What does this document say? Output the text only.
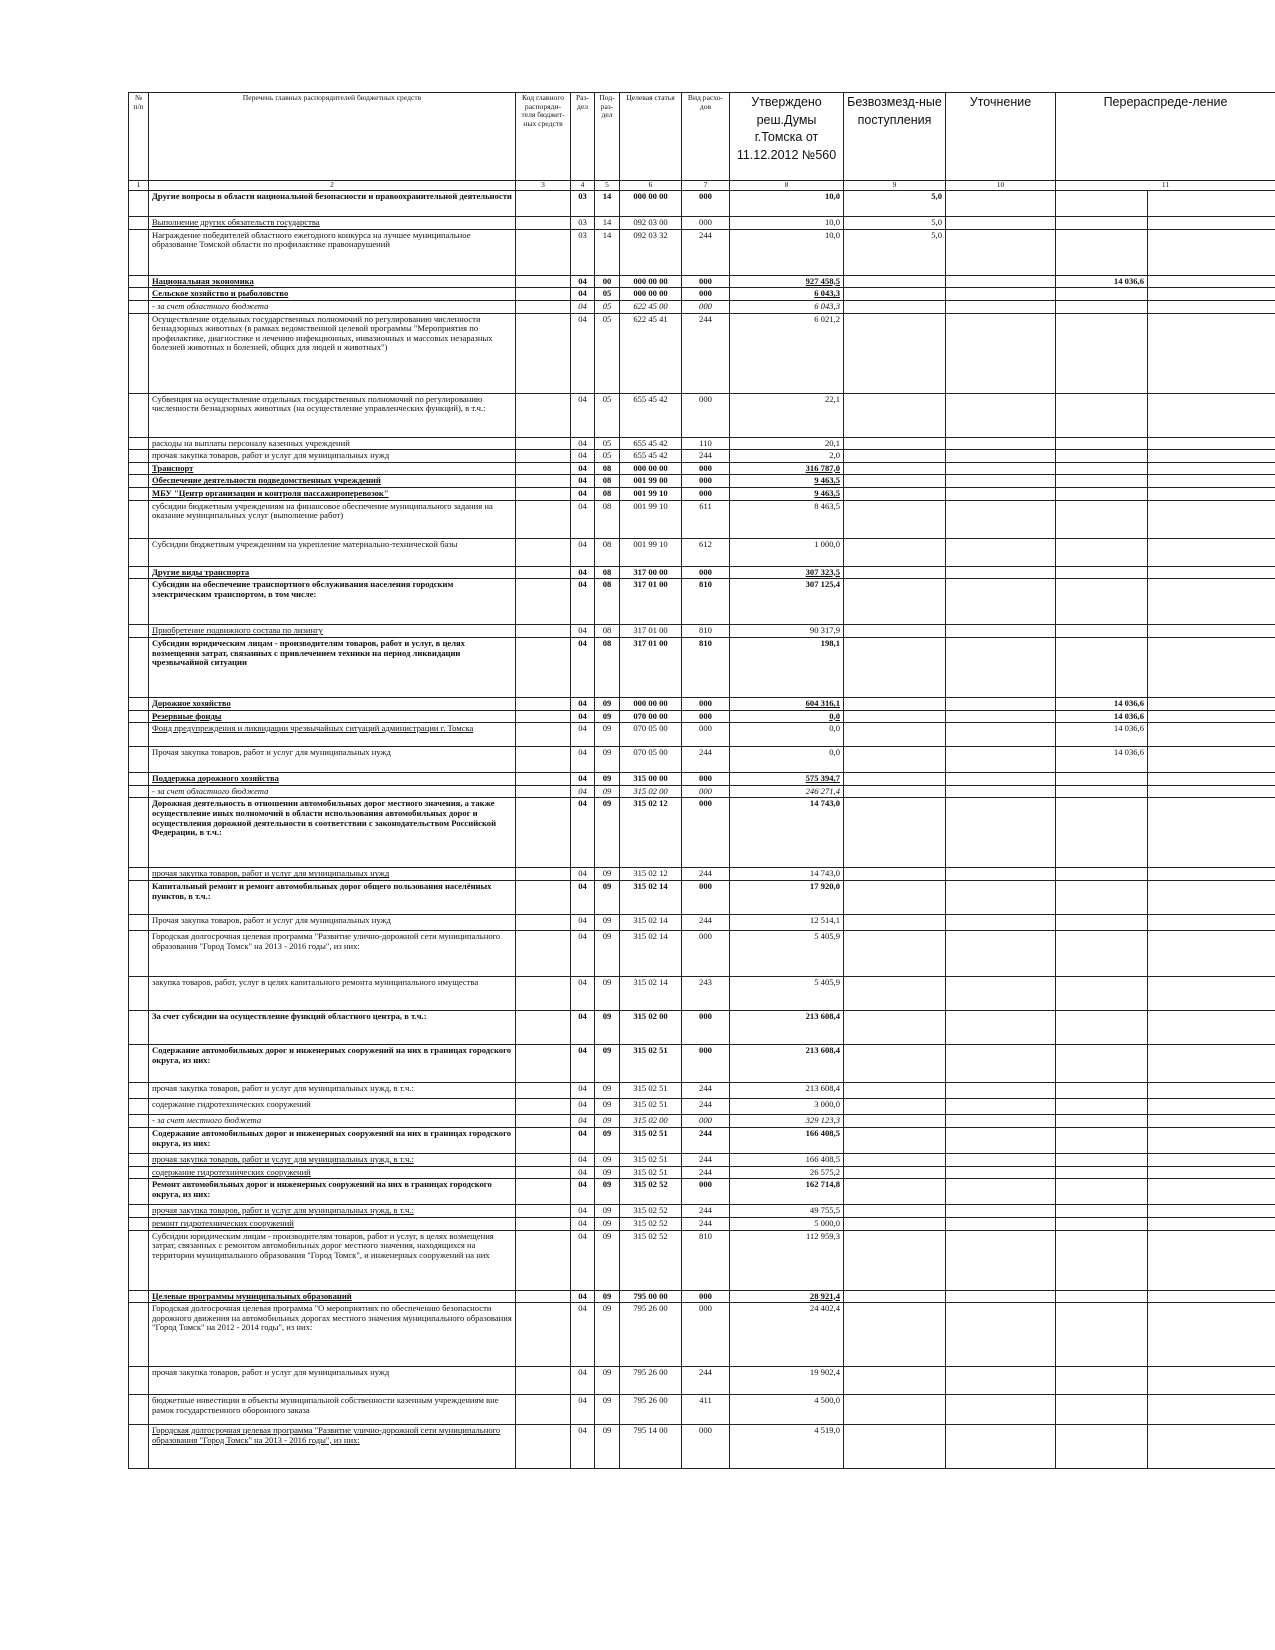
№ п/п	Перечень главных распорядителей бюджетных средств	Код главного распоряди-теля бюджет-ных средств	Раз-дел	Под-раз-дел	Целевая статья	Вид расхо-дов	Утверждено реш.Думы г.Томска от 11.12.2012 №560	Безвозмезд-ные поступления	Уточнение	Перераспреде-ление	
1	2	3	4	5	6	7	8	9	10	11	
	Другие вопросы в области национальной безопасности и правоохранительной деятельности		03	14	000 00 00	000	10,0	5,0			
	Выполнение других обязательств государства		03	14	092 03 00	000	10,0	5,0			
	Награждение победителей областного ежегодного конкурса на лучшее муниципальное образование Томской области по профилактике правонарушений		03	14	092 03 32	244	10,0	5,0			
	Национальная экономика		04	00	000 00 00	000	927 458,5			14 036,6	
	Сельское хозяйство и рыболовство		04	05	000 00 00	000	6 043,3				
	- за счет областного бюджета		04	05	622 45 00	000	6 043,3				
	Осуществление отдельных государственных полномочий по регулированию численности безнадзорных животных (в рамках ведомственной целевой программы "Мероприятия по профилактике, диагностике и лечению инфекционных, инвазионных и массовых незаразных болезней животных и болезней, общих для людей и животных")		04	05	622 45 41	244	6 021,2				
	Субвенция на осуществление отдельных государственных полномочий по регулированию численности безнадзорных животных (на осуществление управленческих функций), в т.ч.:		04	05	655 45 42	000	22,1				
	расходы на выплаты персоналу казенных учреждений		04	05	655 45 42	110	20,1				
	прочая закупка товаров, работ и услуг для муниципальных нужд		04	05	655 45 42	244	2,0				
	Транспорт		04	08	000 00 00	000	316 787,0				
	Обеспечение деятельности подведомственных учреждений		04	08	001 99 00	000	9 463,5				
	МБУ "Центр организации и контроля пассажироперевозок"		04	08	001 99 10	000	9 463,5				
	субсидии бюджетным учреждениям на финансовое обеспечение муниципального задания на оказание муниципальных услуг (выполнение работ)		04	08	001 99 10	611	8 463,5				
	Субсидии бюджетным учреждениям на укрепление материально-технической базы		04	08	001 99 10	612	1 000,0				
	Другие виды транспорта		04	08	317 00 00	000	307 323,5				
	Субсидии на обеспечение транспортного обслуживания населения городским электрическим транспортом, в том числе:		04	08	317 01 00	810	307 125,4				
	Приобретение подвижного состава по лизингу		04	08	317 01 00	810	90 317,9				
	Субсидии юридическим лицам - производителям товаров, работ и услуг, в целях возмещения затрат, связанных с привлечением техники на период ликвидации чрезвычайной ситуации		04	08	317 01 00	810	198,1				
	Дорожное хозяйство		04	09	000 00 00	000	604 316,1			14 036,6	
	Резервные фонды		04	09	070 00 00	000	0,0			14 036,6	
	Фонд предупреждения и ликвидации чрезвычайных ситуаций администрации г. Томска		04	09	070 05 00	000	0,0			14 036,6	
	Прочая закупка товаров, работ и услуг для муниципальных нужд		04	09	070 05 00	244	0,0			14 036,6	
	Поддержка дорожного хозяйства		04	09	315 00 00	000	575 394,7				
	- за счет областного бюджета		04	09	315 02 00	000	246 271,4				
	Дорожная деятельность в отношении автомобильных дорог местного значения, а также осуществление иных полномочий в области использования автомобильных дорог и осуществления дорожной деятельности в соответствии с законодательством Российской Федерации, в т.ч.:		04	09	315 02 12	000	14 743,0				
	прочая закупка товаров, работ и услуг для муниципальных нужд		04	09	315 02 12	244	14 743,0				
	Капитальный ремонт и ремонт автомобильных дорог общего пользования населённых пунктов, в т.ч.:		04	09	315 02 14	000	17 920,0				
	Прочая закупка товаров, работ и услуг для муниципальных нужд		04	09	315 02 14	244	12 514,1				
	Городская долгосрочная целевая программа "Развитие улично-дорожной сети муниципального образования "Город Томск" на 2013 - 2016 годы", из них:		04	09	315 02 14	000	5 405,9				
	закупка товаров, работ, услуг в целях капитального ремонта муниципального имущества		04	09	315 02 14	243	5 405,9				
	За счет субсидии на осуществление функций областного центра, в т.ч.:		04	09	315 02 00	000	213 608,4				
	Содержание автомобильных дорог и инженерных сооружений на них в границах городского округа, из них:		04	09	315 02 51	000	213 608,4				
	прочая закупка товаров, работ и услуг для муниципальных нужд, в т.ч.:		04	09	315 02 51	244	213 608,4				
	содержание гидротехнических сооружений		04	09	315 02 51	244	3 000,0				
	- за счет местного бюджета		04	09	315 02 00	000	329 123,3				
	Содержание автомобильных дорог и инженерных сооружений на них в границах городского округа, из них:		04	09	315 02 51	244	166 408,5				
	прочая закупка товаров, работ и услуг для муниципальных нужд, в т.ч.:		04	09	315 02 51	244	166 408,5				
	содержание гидротехнических сооружений		04	09	315 02 51	244	26 575,2				
	Ремонт автомобильных дорог и инженерных сооружений на них в границах городского округа, из них:		04	09	315 02 52	000	162 714,8				
	прочая закупка товаров, работ и услуг для муниципальных нужд, в т.ч.:		04	09	315 02 52	244	49 755,5				
	ремонт гидротехнических сооружений		04	09	315 02 52	244	5 000,0				
	Субсидии юридическим лицам - производителям товаров, работ и услуг, в целях возмещения затрат, связанных с ремонтом автомобильных дорог местного значения, находящихся на территории муниципального образования "Город Томск", и инженерных сооружений на них		04	09	315 02 52	810	112 959,3				
	Целевые программы муниципальных образований		04	09	795 00 00	000	28 921,4				
	Городская долгосрочная целевая программа "О мероприятиях по обеспечению безопасности дорожного движения на автомобильных дорогах местного значения муниципального образования "Город Томск" на 2012 - 2014 годы", из них:		04	09	795 26 00	000	24 402,4				
	прочая закупка товаров, работ и услуг для муниципальных нужд		04	09	795 26 00	244	19 902,4				
	бюджетные инвестиции в объекты муниципальной собственности казенным учреждениям вне рамок государственного оборонного заказа		04	09	795 26 00	411	4 500,0				
	Городская долгосрочная целевая программа "Развитие улично-дорожной сети муниципального образования "Город Томск" на 2013 - 2016 годы", из них:		04	09	795 14 00	000	4 519,0				
